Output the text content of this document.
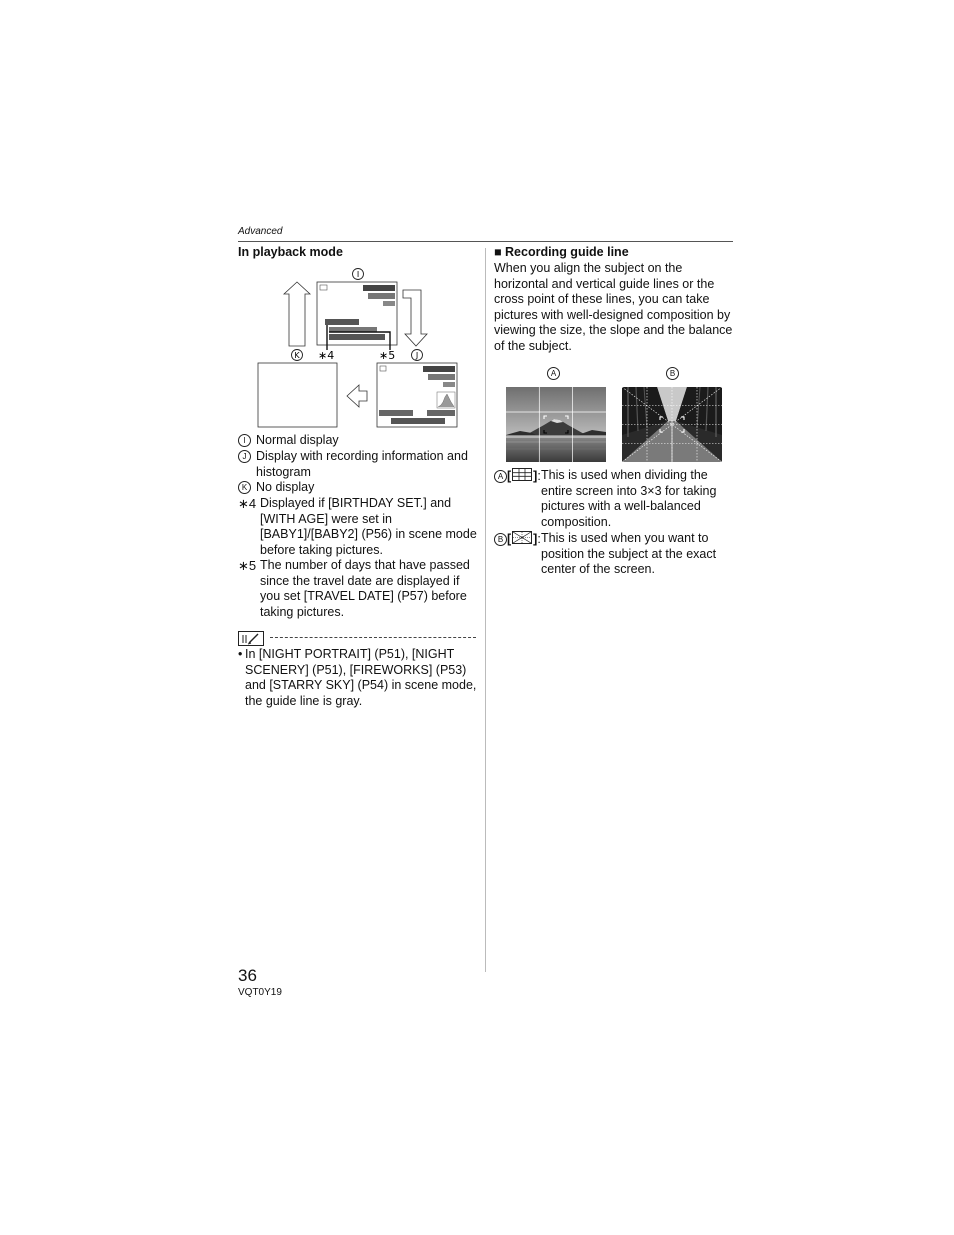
Advanced
In playback mode
I
K ∗4	∗5	J
I Normal display
J Display with recording information and histogram
K No display
∗4 Displayed if [BIRTHDAY SET.] and [WITH AGE] were set in [BABY1]/[BABY2] (P56) in scene mode before taking pictures.
∗5 The number of days that have passed since the travel date are displayed if you set [TRAVEL DATE] (P57) before taking pictures.
• In [NIGHT PORTRAIT] (P51), [NIGHT SCENERY] (P51), [FIREWORKS] (P53) and [STARRY SKY] (P54) in scene mode, the guide line is gray.
■ Recording guide line
When you align the subject on the horizontal and vertical guide lines or the cross point of these lines, you can take pictures with well-designed composition by viewing the size, the slope and the balance of the subject.
A	B
A [ ]: This is used when dividing the entire screen into 3×3 for taking pictures with a well-balanced composition.
B [ ]: This is used when you want to position the subject at the exact center of the screen.
36
VQT0Y19
